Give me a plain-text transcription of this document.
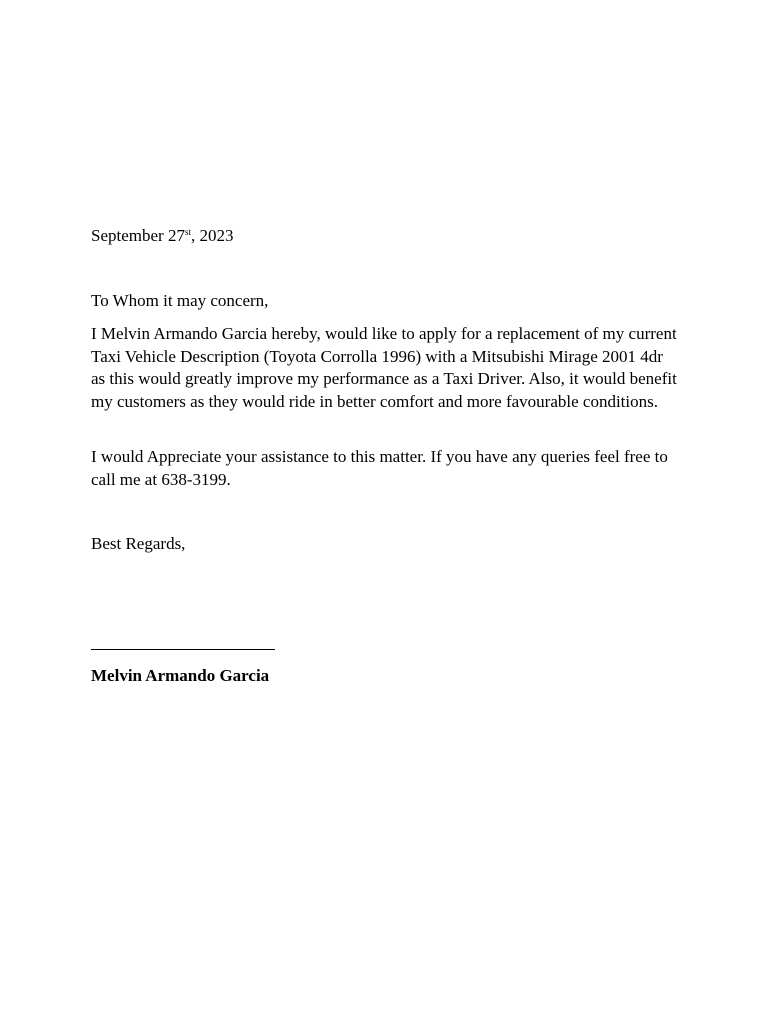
September 27st, 2023

To Whom it may concern,

I Melvin Armando Garcia hereby, would like to apply for a replacement of my current Taxi Vehicle Description (Toyota Corrolla 1996) with a Mitsubishi Mirage 2001 4dr as this would greatly improve my performance as a Taxi Driver. Also, it would benefit my customers as they would ride in better comfort and more favourable conditions.

I would Appreciate your assistance to this matter. If you have any queries feel free to call me at 638-3199.

Best Regards,

Melvin Armando Garcia
